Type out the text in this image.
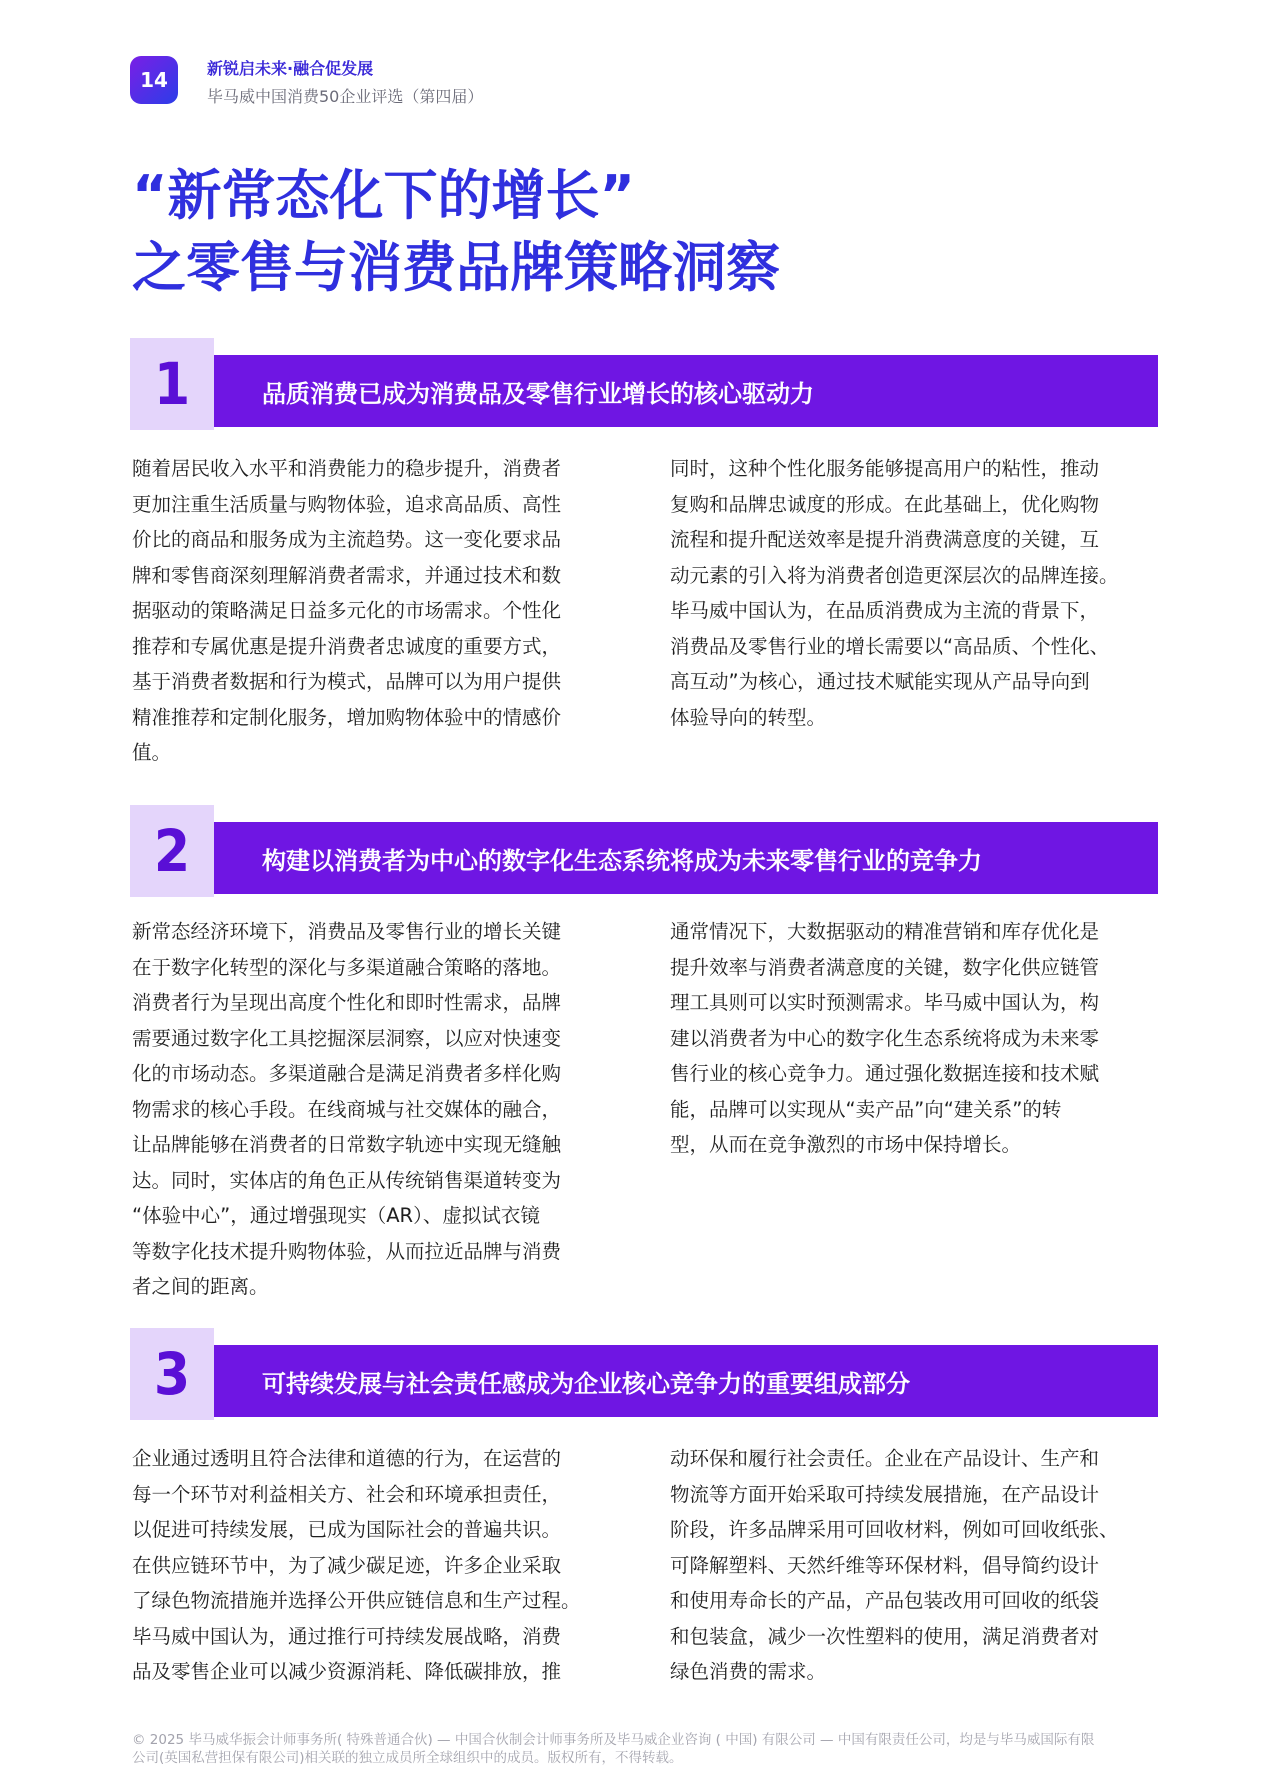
14	新锐启未来·融合促发展
毕马威中国消费50企业评选（第四届）
“新常态化下的增长”
之零售与消费品牌策略洞察
1	品质消费已成为消费品及零售行业增长的核心驱动力
随着居民收入水平和消费能力的稳步提升，消费者
更加注重生活质量与购物体验，追求高品质、高性
价比的商品和服务成为主流趋势。这一变化要求品
牌和零售商深刻理解消费者需求，并通过技术和数
据驱动的策略满足日益多元化的市场需求。个性化
推荐和专属优惠是提升消费者忠诚度的重要方式，
基于消费者数据和行为模式，品牌可以为用户提供
精准推荐和定制化服务，增加购物体验中的情感价
值。
同时，这种个性化服务能够提高用户的粘性，推动
复购和品牌忠诚度的形成。在此基础上，优化购物
流程和提升配送效率是提升消费满意度的关键，互
动元素的引入将为消费者创造更深层次的品牌连接。
毕马威中国认为，在品质消费成为主流的背景下，
消费品及零售行业的增长需要以“高品质、个性化、
高互动”为核心，通过技术赋能实现从产品导向到
体验导向的转型。
2	构建以消费者为中心的数字化生态系统将成为未来零售行业的竞争力
新常态经济环境下，消费品及零售行业的增长关键
在于数字化转型的深化与多渠道融合策略的落地。
消费者行为呈现出高度个性化和即时性需求，品牌
需要通过数字化工具挖掘深层洞察，以应对快速变
化的市场动态。多渠道融合是满足消费者多样化购
物需求的核心手段。在线商城与社交媒体的融合，
让品牌能够在消费者的日常数字轨迹中实现无缝触
达。同时，实体店的角色正从传统销售渠道转变为
“体验中心”，通过增强现实（AR）、虚拟试衣镜
等数字化技术提升购物体验，从而拉近品牌与消费
者之间的距离。
通常情况下，大数据驱动的精准营销和库存优化是
提升效率与消费者满意度的关键，数字化供应链管
理工具则可以实时预测需求。毕马威中国认为，构
建以消费者为中心的数字化生态系统将成为未来零
售行业的核心竞争力。通过强化数据连接和技术赋
能，品牌可以实现从“卖产品”向“建关系”的转
型，从而在竞争激烈的市场中保持增长。
3	可持续发展与社会责任感成为企业核心竞争力的重要组成部分
企业通过透明且符合法律和道德的行为，在运营的
每一个环节对利益相关方、社会和环境承担责任，
以促进可持续发展，已成为国际社会的普遍共识。
在供应链环节中，为了减少碳足迹，许多企业采取
了绿色物流措施并选择公开供应链信息和生产过程。
毕马威中国认为，通过推行可持续发展战略，消费
品及零售企业可以减少资源消耗、降低碳排放，推
动环保和履行社会责任。企业在产品设计、生产和
物流等方面开始采取可持续发展措施，在产品设计
阶段，许多品牌采用可回收材料，例如可回收纸张、
可降解塑料、天然纤维等环保材料，倡导简约设计
和使用寿命长的产品，产品包装改用可回收的纸袋
和包装盒，减少一次性塑料的使用，满足消费者对
绿色消费的需求。
© 2025 毕马威华振会计师事务所( 特殊普通合伙) — 中国合伙制会计师事务所及毕马威企业咨询 ( 中国) 有限公司 — 中国有限责任公司，均是与毕马威国际有限
公司(英国私营担保有限公司)相关联的独立成员所全球组织中的成员。版权所有，不得转载。
